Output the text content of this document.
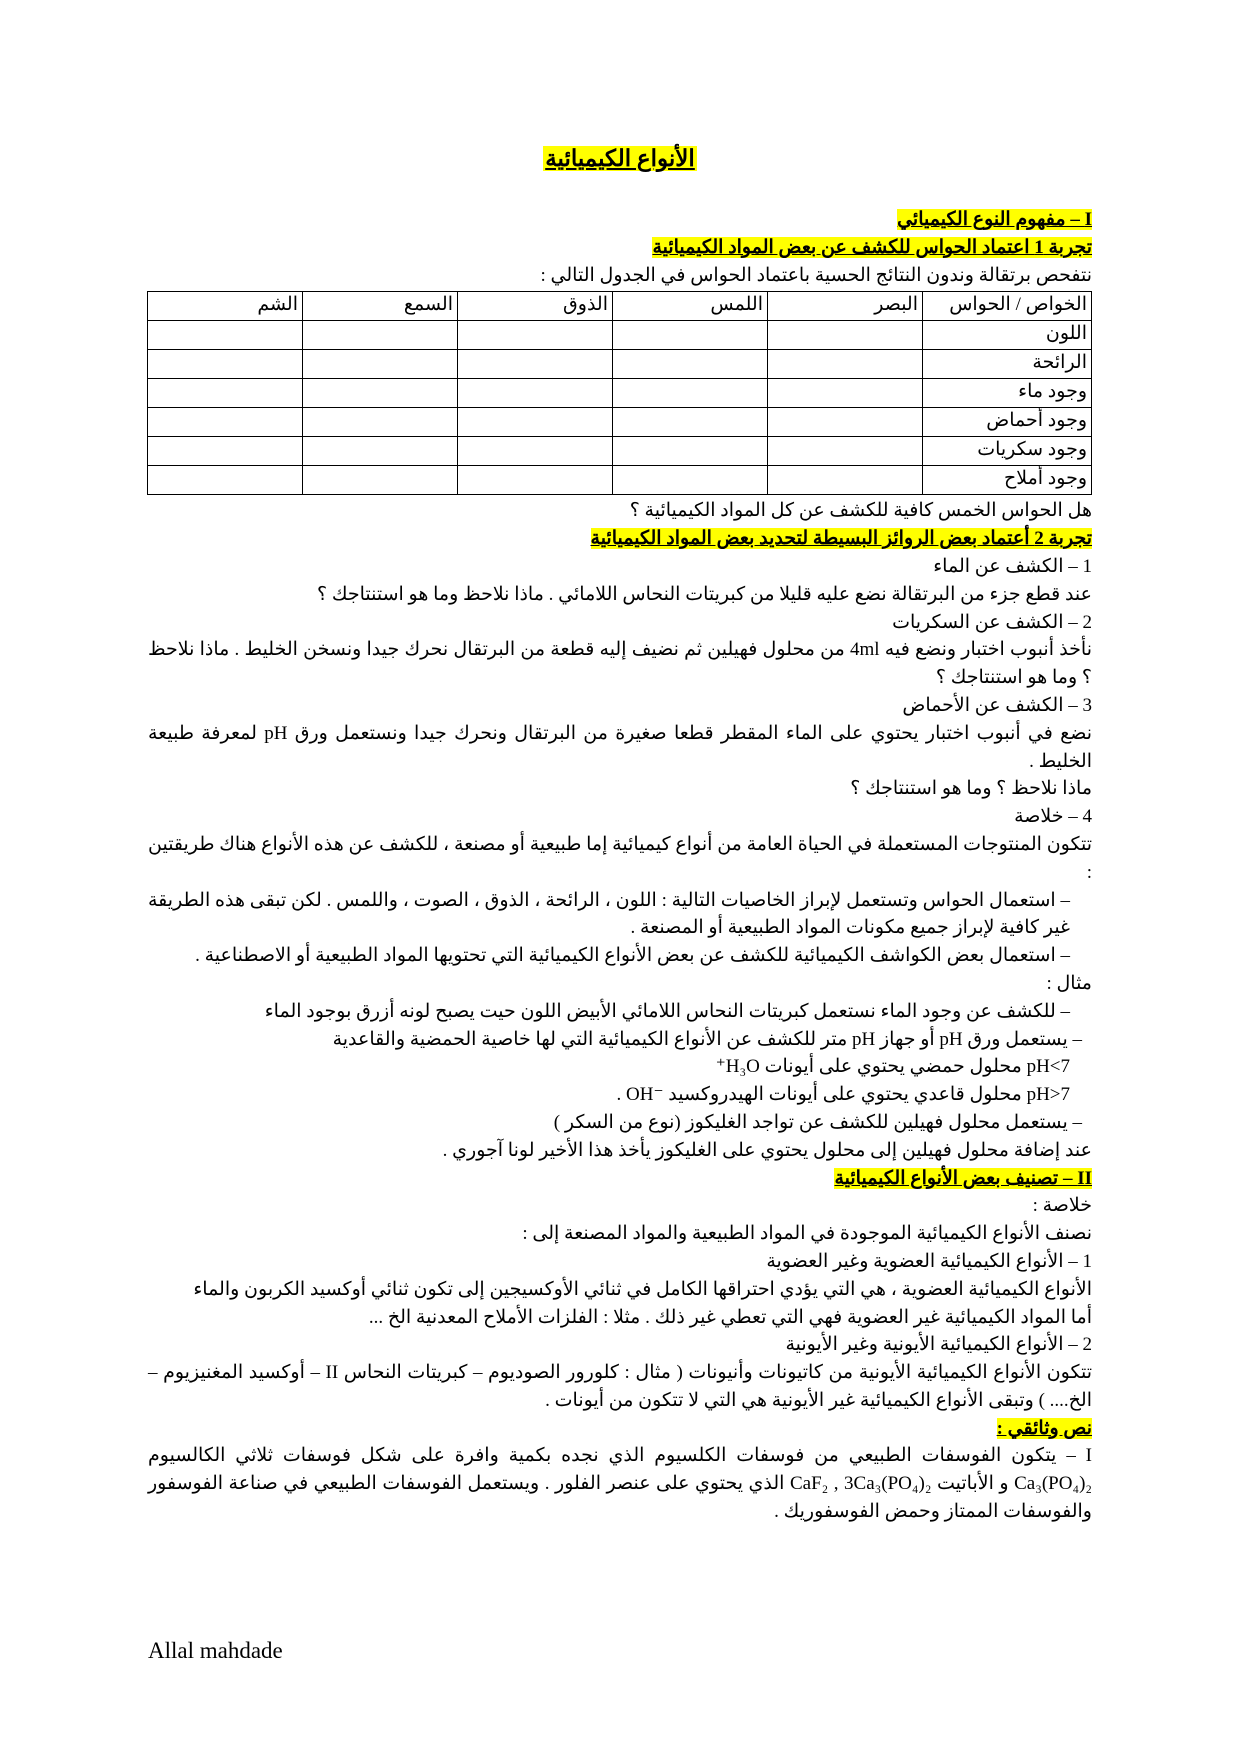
الأنواع الكيميائية

I – مفهوم النوع الكيميائي

تجربة 1 اعتماد الحواس للكشف عن بعض المواد الكيميائية

نتفحص برتقالة وندون النتائج الحسية باعتماد الحواس في الجدول التالي :

الخواص / الحواس	البصر	اللمس	الذوق	السمع	الشم
اللون					
الرائحة					
وجود ماء					
وجود أحماض					
وجود سكريات					
وجود أملاح					

هل الحواس الخمس كافية للكشف عن كل المواد الكيميائية ؟

تجربة 2 أعتماد بعض الروائز البسيطة لتحديد بعض المواد الكيميائية

1 – الكشف عن الماء

عند قطع جزء من البرتقالة نضع عليه قليلا من كبريتات النحاس اللامائي . ماذا نلاحظ وما هو استنتاجك ؟

2 – الكشف عن السكريات

نأخذ أنبوب اختبار ونضع فيه 4ml من محلول فهيلين ثم نضيف إليه قطعة من البرتقال نحرك جيدا ونسخن الخليط . ماذا نلاحظ ؟ وما هو استنتاجك ؟

3 – الكشف عن الأحماض

نضع في أنبوب اختبار يحتوي على الماء المقطر قطعا صغيرة من البرتقال ونحرك جيدا ونستعمل ورق pH لمعرفة طبيعة الخليط .

ماذا نلاحظ ؟ وما هو استنتاجك ؟

4 – خلاصة

تتكون المنتوجات المستعملة في الحياة العامة من أنواع كيميائية إما طبيعية أو مصنعة ، للكشف عن هذه الأنواع هناك طريقتين :

– استعمال الحواس وتستعمل لإبراز الخاصيات التالية : اللون ، الرائحة ، الذوق ، الصوت ، واللمس . لكن تبقى هذه الطريقة غير كافية لإبراز جميع مكونات المواد الطبيعية أو المصنعة .

– استعمال بعض الكواشف الكيميائية للكشف عن بعض الأنواع الكيميائية التي تحتويها المواد الطبيعية أو الاصطناعية .

مثال :

– للكشف عن وجود الماء نستعمل كبريتات النحاس اللامائي الأبيض اللون حيت يصبح لونه أزرق بوجود الماء

– يستعمل ورق pH أو جهاز pH متر للكشف عن الأنواع الكيميائية التي لها خاصية الحمضية والقاعدية

pH<7 محلول حمضي يحتوي على أيونات H₃O⁺

pH>7 محلول قاعدي يحتوي على أيونات الهيدروكسيد ⁻OH .

– يستعمل محلول فهيلين للكشف عن تواجد الغليكوز (نوع من السكر )

عند إضافة محلول فهيلين إلى محلول يحتوي على الغليكوز يأخذ هذا الأخير لونا آجوري .

II – تصنيف بعض الأنواع الكيميائية

خلاصة :

نصنف الأنواع الكيميائية الموجودة في المواد الطبيعية والمواد المصنعة إلى :

1 – الأنواع الكيميائية العضوية وغير العضوية

الأنواع الكيميائية العضوية ، هي التي يؤدي احتراقها الكامل في ثنائي الأوكسيجين إلى تكون ثنائي أوكسيد الكربون والماء

أما المواد الكيميائية غير العضوية فهي التي تعطي غير ذلك . مثلا : الفلزات الأملاح المعدنية الخ ...

2 – الأنواع الكيميائية الأيونية وغير الأيونية

تتكون الأنواع الكيميائية الأيونية من كاتيونات وأنيونات ( مثال : كلورور الصوديوم – كبريتات النحاس II – أوكسيد المغنيزيوم – الخ.... ) وتبقى الأنواع الكيميائية غير الأيونية هي التي لا تتكون من أيونات .

نص وثائقي :

I – يتكون الفوسفات الطبيعي من فوسفات الكلسيوم الذي نجده بكمية وافرة على شكل فوسفات ثلاثي الكالسيوم Ca₃(PO₄)₂ و الأباتيت CaF₂ , 3Ca₃(PO₄)₂ الذي يحتوي على عنصر الفلور . ويستعمل الفوسفات الطبيعي في صناعة الفوسفور والفوسفات الممتاز وحمض الفوسفوريك .

Allal mahdade
